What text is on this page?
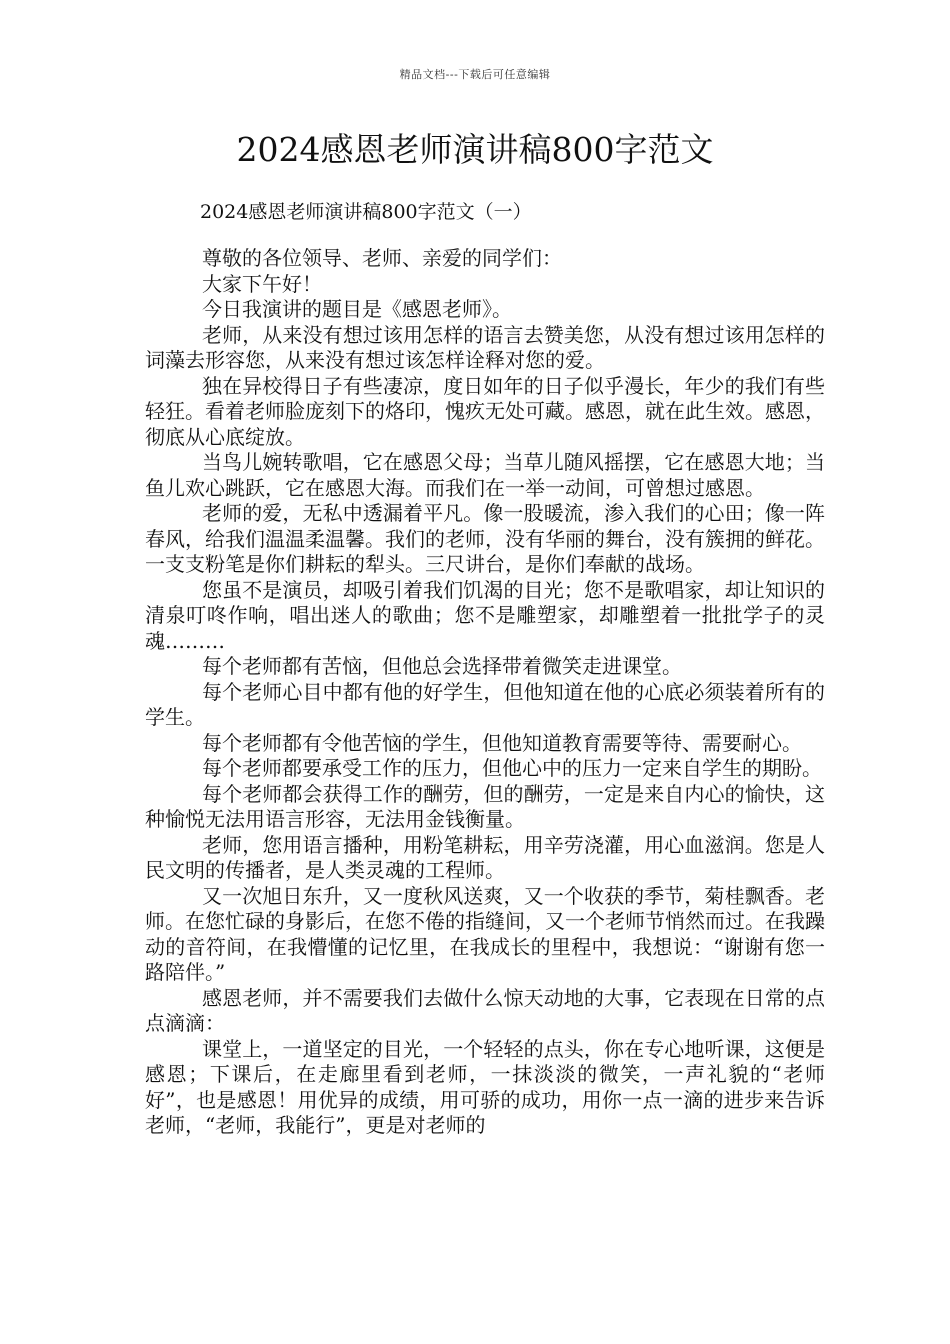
精品文档---下载后可任意编辑
2024感恩老师演讲稿800字范文

2024感恩老师演讲稿800字范文（一）

尊敬的各位领导、老师、亲爱的同学们：

大家下午好！

今日我演讲的题目是《感恩老师》。

老师，从来没有想过该用怎样的语言去赞美您，从没有想过该用怎样的词藻去形容您，从来没有想过该怎样诠释对您的爱。

独在异校得日子有些凄凉，度日如年的日子似乎漫长，年少的我们有些轻狂。看着老师脸庞刻下的烙印，愧疚无处可藏。感恩，就在此生效。感恩，彻底从心底绽放。

当鸟儿婉转歌唱，它在感恩父母；当草儿随风摇摆，它在感恩大地；当鱼儿欢心跳跃，它在感恩大海。而我们在一举一动间，可曾想过感恩。

老师的爱，无私中透漏着平凡。像一股暖流，渗入我们的心田；像一阵春风，给我们温温柔温馨。我们的老师，没有华丽的舞台，没有簇拥的鲜花。一支支粉笔是你们耕耘的犁头。三尺讲台，是你们奉献的战场。

您虽不是演员，却吸引着我们饥渴的目光；您不是歌唱家，却让知识的清泉叮咚作响，唱出迷人的歌曲；您不是雕塑家，却雕塑着一批批学子的灵魂………

每个老师都有苦恼，但他总会选择带着微笑走进课堂。

每个老师心目中都有他的好学生，但他知道在他的心底必须装着所有的学生。

每个老师都有令他苦恼的学生，但他知道教育需要等待、需要耐心。

每个老师都要承受工作的压力，但他心中的压力一定来自学生的期盼。

每个老师都会获得工作的酬劳，但的酬劳，一定是来自内心的愉快，这种愉悦无法用语言形容，无法用金钱衡量。

老师，您用语言播种，用粉笔耕耘，用辛劳浇灌，用心血滋润。您是人民文明的传播者，是人类灵魂的工程师。

又一次旭日东升，又一度秋风送爽，又一个收获的季节，菊桂飘香。老师。在您忙碌的身影后，在您不倦的指缝间，又一个老师节悄然而过。在我躁动的音符间，在我懵懂的记忆里，在我成长的里程中，我想说：“谢谢有您一路陪伴。”

感恩老师，并不需要我们去做什么惊天动地的大事，它表现在日常的点点滴滴：

课堂上，一道坚定的目光，一个轻轻的点头，你在专心地听课，这便是感恩；下课后，在走廊里看到老师，一抹淡淡的微笑，一声礼貌的“老师好”，也是感恩！用优异的成绩，用可骄的成功，用你一点一滴的进步来告诉老师，“老师，我能行”，更是对老师的
